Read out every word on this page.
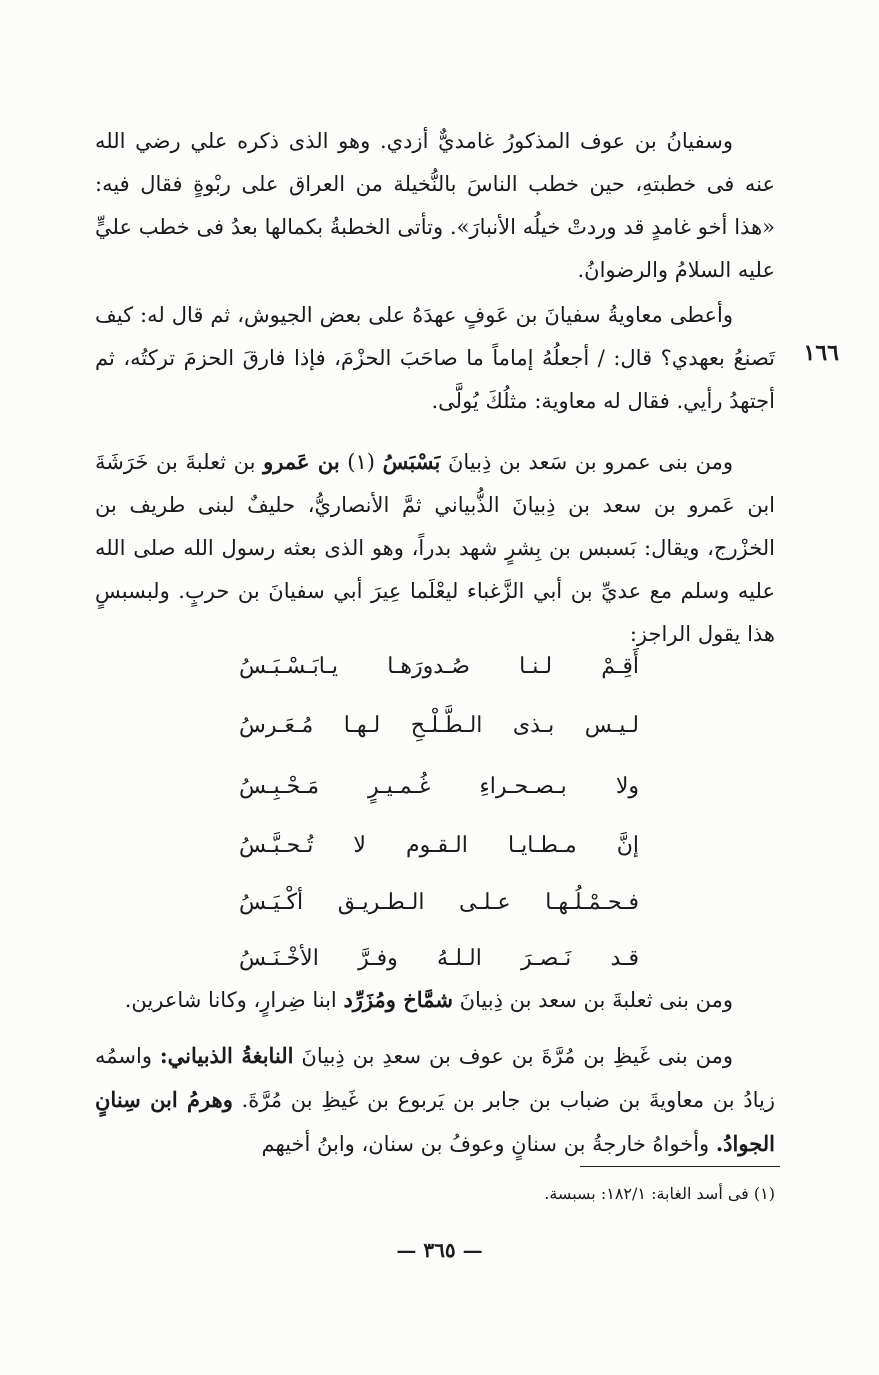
وسفيانُ بن عوف المذكورُ غامديٌّ أزدي. وهو الذى ذكره علي رضي الله عنه فى خطبتهِ، حين خطب الناسَ بالنُّخيلة من العراق على ربْوةٍ فقال فيه: «هذا أخو غامدٍ قد وردتْ خيلُه الأنبارَ». وتأتى الخطبةُ بكمالها بعدُ فى خطب عليٍّ عليه السلامُ والرضوانُ.
وأعطى معاويةُ سفيانَ بن عَوفٍ عهدَهُ على بعض الجيوش، ثم قال له: كيف تَصنعُ بعهدي؟ قال: / أجعلُهُ إماماً ما صاحَبَ الحزْمَ، فإذا فارقَ الحزمَ تركتُه، ثم أجتهدُ رأيي. فقال له معاوية: مثلُكَ يُولَّى.
١٦٦
ومن بنى عمرو بن سَعد بن ذِبيانَ بَسْبَسُ (١) بن عَمرو بن ثعلبةَ بن خَرَشَةَ ابن عَمرو بن سعد بن ذِبيانَ الذُّبياني ثمَّ الأنصاريُّ، حليفٌ لبنى طريف بن الخزْرج، ويقال: بَسبس بن بِشرٍ شهد بدراً، وهو الذى بعثه رسول الله صلى الله عليه وسلم مع عديِّ بن أبي الزَّغباء ليعْلَما عِيرَ أبي سفيانَ بن حربٍ. ولبسبسٍ هذا يقول الراجز:
أَقِـمْ لـنـا صُـدورَهـا يـابَـسْـبَـسُ
لـيـس بـذى الـطَّـلْـحِ لـهـا مُـعَـرسُ
ولا بـصـحـراءِ غُـمـيـرٍ مَـحْـبِـسُ
إنَّ مـطـايـا الـقـوم لا تُـحـبَّـسُ
فـحـمْـلُـهـا عـلـى الـطـريـق أكْـيَـسُ
قـد نَـصـرَ الـلـهُ وفـرَّ الأخْـنَـسُ
ومن بنى ثعلبةَ بن سعد بن ذِبيانَ شمَّاخ ومُزَرِّد ابنا ضِرارٍ، وكانا شاعرين.
ومن بنى غَيظِ بن مُرَّةَ بن عوف بن سعدِ بن ذِبيانَ النابغةُ الذبياني: واسمُه زيادُ بن معاويةَ بن ضباب بن جابر بن يَربوع بن غَيظِ بن مُرَّةَ. وهرمُ ابن سِنانٍ الجوادُ. وأخواهُ خارجةُ بن سنانٍ وعوفُ بن سنان، وابنُ أخيهم
(١) فى أسد الغابة: ١٨٢/١: بسبسة.
— ٣٦٥ —
